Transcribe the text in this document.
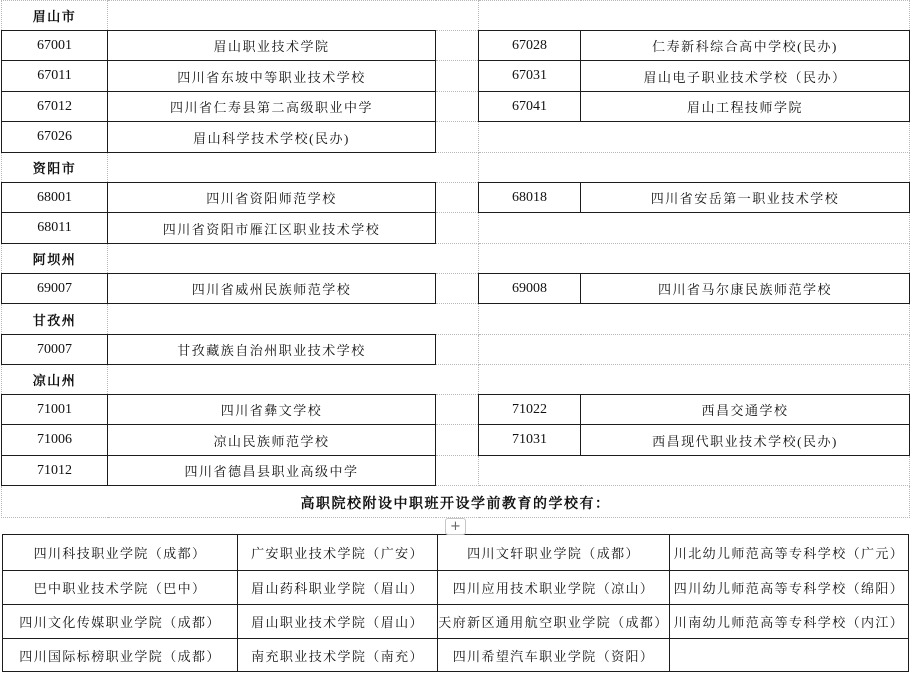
眉山市				
67001	眉山职业技术学院		67028	仁寿新科综合高中学校(民办)
67011	四川省东坡中等职业技术学校		67031	眉山电子职业技术学校（民办）
67012	四川省仁寿县第二高级职业中学		67041	眉山工程技师学院
67026	眉山科学技术学校(民办)			
资阳市				
68001	四川省资阳师范学校		68018	四川省安岳第一职业技术学校
68011	四川省资阳市雁江区职业技术学校			
阿坝州				
69007	四川省威州民族师范学校		69008	四川省马尔康民族师范学校
甘孜州				
70007	甘孜藏族自治州职业技术学校			
凉山州				
71001	四川省彝文学校		71022	西昌交通学校
71006	凉山民族师范学校		71031	西昌现代职业技术学校(民办)
71012	四川省德昌县职业高级中学			
高职院校附设中职班开设学前教育的学校有：				
+
四川科技职业学院（成都）	广安职业技术学院（广安）	四川文轩职业学院（成都）	川北幼儿师范高等专科学校（广元）
巴中职业技术学院（巴中）	眉山药科职业学院（眉山）	四川应用技术职业学院（凉山）	四川幼儿师范高等专科学校（绵阳）
四川文化传媒职业学院（成都）	眉山职业技术学院（眉山）	天府新区通用航空职业学院（成都）	川南幼儿师范高等专科学校（内江）
四川国际标榜职业学院（成都）	南充职业技术学院（南充）	四川希望汽车职业学院（资阳）	
